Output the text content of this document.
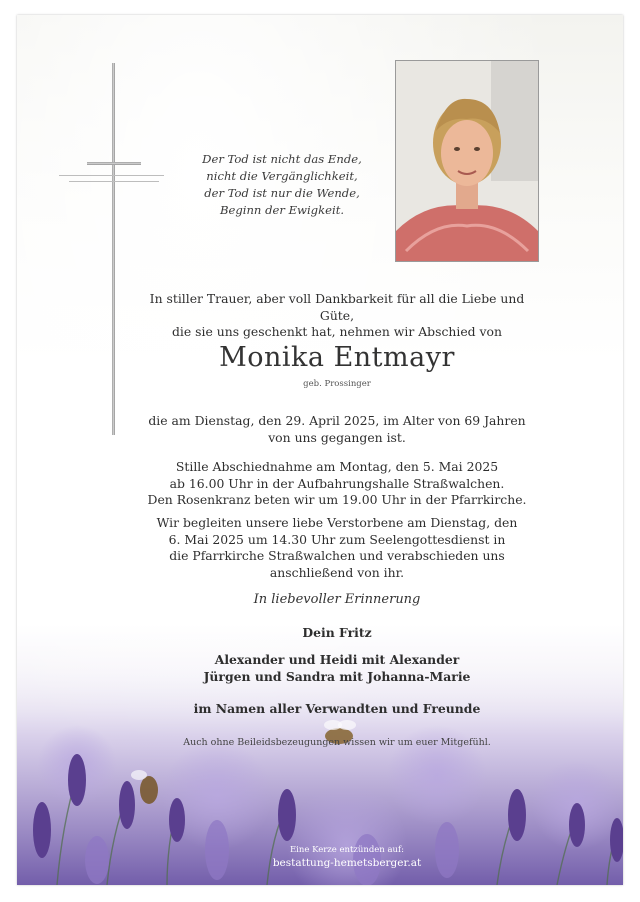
Der Tod ist nicht das Ende,
nicht die Vergänglichkeit,
der Tod ist nur die Wende,
Beginn der Ewigkeit.
In stiller Trauer, aber voll Dankbarkeit für all die Liebe und Güte,
die sie uns geschenkt hat, nehmen wir Abschied von
Monika Entmayr
geb. Prossinger
die am Dienstag, den 29. April 2025, im Alter von 69 Jahren
von uns gegangen ist.
Stille Abschiednahme am Montag, den 5. Mai 2025
ab 16.00 Uhr in der Aufbahrungshalle Straßwalchen.
Den Rosenkranz beten wir um 19.00 Uhr in der Pfarrkirche.
Wir begleiten unsere liebe Verstorbene am Dienstag, den
6. Mai 2025 um 14.30 Uhr zum Seelengottesdienst in
die Pfarrkirche Straßwalchen und verabschieden uns
anschließend von ihr.
In liebevoller Erinnerung
Dein Fritz
Alexander und Heidi mit Alexander
Jürgen und Sandra mit Johanna-Marie
im Namen aller Verwandten und Freunde
Auch ohne Beileidsbezeugungen wissen wir um euer Mitgefühl.
Eine Kerze entzünden auf:
bestattung-hemetsberger.at
